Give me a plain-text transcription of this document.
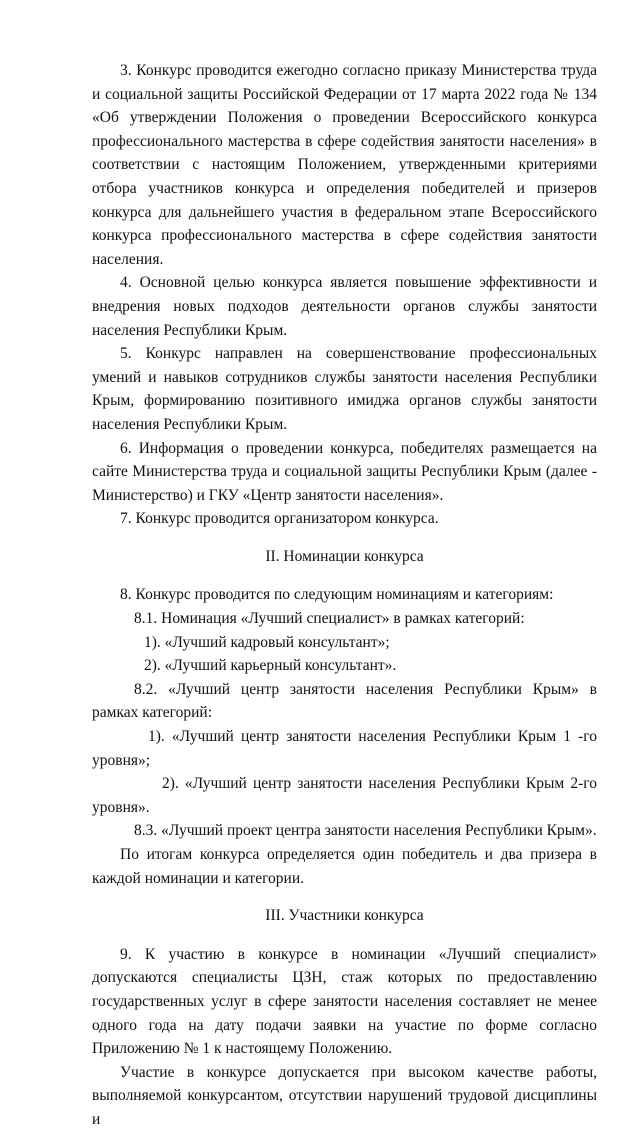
3. Конкурс проводится ежегодно согласно приказу Министерства труда и социальной защиты Российской Федерации от 17 марта 2022 года № 134 «Об утверждении Положения о проведении Всероссийского конкурса профессионального мастерства в сфере содействия занятости населения» в соответствии с настоящим Положением, утвержденными критериями отбора участников конкурса и определения победителей и призеров конкурса для дальнейшего участия в федеральном этапе Всероссийского конкурса профессионального мастерства в сфере содействия занятости населения.

4. Основной целью конкурса является повышение эффективности и внедрения новых подходов деятельности органов службы занятости населения Республики Крым.

5. Конкурс направлен на совершенствование профессиональных умений и навыков сотрудников службы занятости населения Республики Крым, формированию позитивного имиджа органов службы занятости населения Республики Крым.

6. Информация о проведении конкурса, победителях размещается на сайте Министерства труда и социальной защиты Республики Крым (далее - Министерство) и ГКУ «Центр занятости населения».

7. Конкурс проводится организатором конкурса.

II. Номинации конкурса

8. Конкурс проводится по следующим номинациям и категориям:

8.1. Номинация «Лучший специалист» в рамках категорий:

1). «Лучший кадровый консультант»;

2). «Лучший карьерный консультант».

8.2. «Лучший центр занятости населения Республики Крым» в рамках категорий:

1). «Лучший центр занятости населения Республики Крым 1 -го уровня»;

2). «Лучший центр занятости населения Республики Крым 2-го уровня».

8.3. «Лучший проект центра занятости населения Республики Крым».

По итогам конкурса определяется один победитель и два призера в каждой номинации и категории.

III. Участники конкурса

9. К участию в конкурсе в номинации «Лучший специалист» допускаются специалисты ЦЗН, стаж которых по предоставлению государственных услуг в сфере занятости населения составляет не менее одного года на дату подачи заявки на участие по форме согласно Приложению № 1 к настоящему Положению.

Участие в конкурсе допускается при высоком качестве работы, выполняемой конкурсантом, отсутствии нарушений трудовой дисциплины и
